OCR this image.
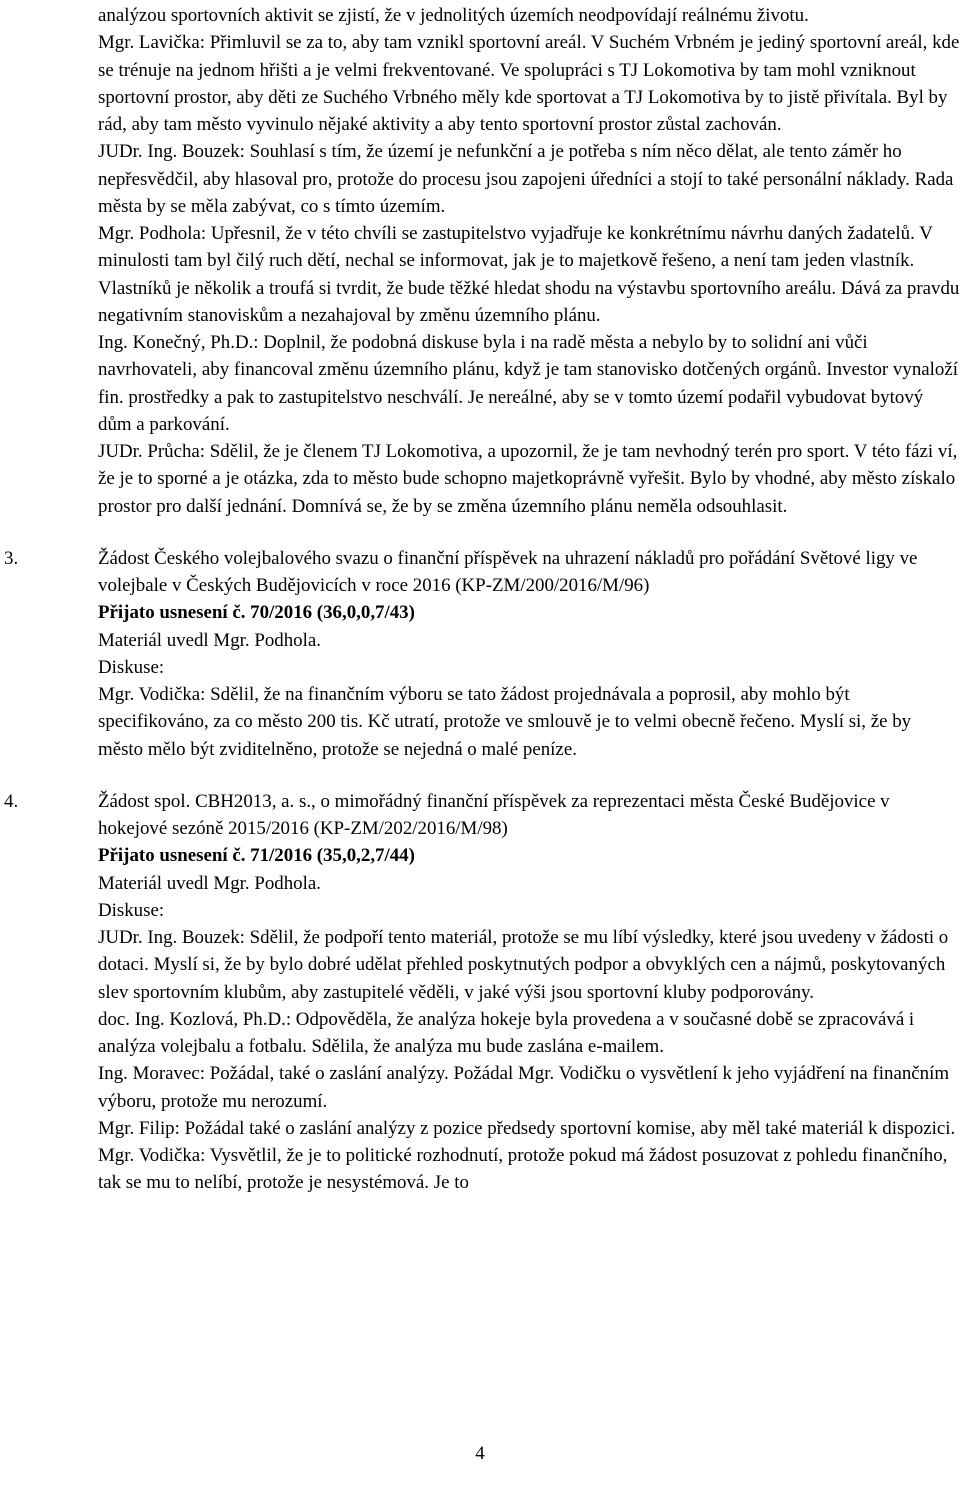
analýzou sportovních aktivit se zjistí, že v jednolitých územích neodpovídají reálnému životu.

Mgr. Lavička: Přimluvil se za to, aby tam vznikl sportovní areál. V Suchém Vrbném je jediný sportovní areál, kde se trénuje na jednom hřišti a je velmi frekventované. Ve spolupráci s TJ Lokomotiva by tam mohl vzniknout sportovní prostor, aby děti ze Suchého Vrbného měly kde sportovat a TJ Lokomotiva by to jistě přivítala. Byl by rád, aby tam město vyvinulo nějaké aktivity a aby tento sportovní prostor zůstal zachován.

JUDr. Ing. Bouzek: Souhlasí s tím, že území je nefunkční a je potřeba s ním něco dělat, ale tento záměr ho nepřesvědčil, aby hlasoval pro, protože do procesu jsou zapojeni úředníci a stojí to také personální náklady. Rada města by se měla zabývat, co s tímto územím.

Mgr. Podhola: Upřesnil, že v této chvíli se zastupitelstvo vyjadřuje ke konkrétnímu návrhu daných žadatelů. V minulosti tam byl čilý ruch dětí, nechal se informovat, jak je to majetkově řešeno, a není tam jeden vlastník. Vlastníků je několik a troufá si tvrdit, že bude těžké hledat shodu na výstavbu sportovního areálu. Dává za pravdu negativním stanoviskům a nezahajoval by změnu územního plánu.

Ing. Konečný, Ph.D.: Doplnil, že podobná diskuse byla i na radě města a nebylo by to solidní ani vůči navrhovateli, aby financoval změnu územního plánu, když je tam stanovisko dotčených orgánů. Investor vynaloží fin. prostředky a pak to zastupitelstvo neschválí. Je nereálné, aby se v tomto území podařil vybudovat bytový dům a parkování.

JUDr. Průcha: Sdělil, že je členem TJ Lokomotiva, a upozornil, že je tam nevhodný terén pro sport. V této fázi ví, že je to sporné a je otázka, zda to město bude schopno majetkoprávně vyřešit. Bylo by vhodné, aby město získalo prostor pro další jednání. Domnívá se, že by se změna územního plánu neměla odsouhlasit.

3.	Žádost Českého volejbalového svazu o finanční příspěvek na uhrazení nákladů pro pořádání Světové ligy ve volejbale v Českých Budějovicích v roce 2016 (KP-ZM/200/2016/M/96)

Přijato usnesení č. 70/2016 (36,0,0,7/43)

Materiál uvedl Mgr. Podhola.

Diskuse:

Mgr. Vodička: Sdělil, že na finančním výboru se tato žádost projednávala a poprosil, aby mohlo být specifikováno, za co město 200 tis. Kč utratí, protože ve smlouvě je to velmi obecně řečeno. Myslí si, že by město mělo být zviditelněno, protože se nejedná o malé peníze.

4.	Žádost spol. CBH2013, a. s., o mimořádný finanční příspěvek za reprezentaci města České Budějovice v hokejové sezóně 2015/2016 (KP-ZM/202/2016/M/98)

Přijato usnesení č. 71/2016 (35,0,2,7/44)

Materiál uvedl Mgr. Podhola.

Diskuse:

JUDr. Ing. Bouzek: Sdělil, že podpoří tento materiál, protože se mu líbí výsledky, které jsou uvedeny v žádosti o dotaci. Myslí si, že by bylo dobré udělat přehled poskytnutých podpor a obvyklých cen a nájmů, poskytovaných slev sportovním klubům, aby zastupitelé věděli, v jaké výši jsou sportovní kluby podporovány.

doc. Ing. Kozlová, Ph.D.: Odpověděla, že analýza hokeje byla provedena a v současné době se zpracovává i analýza volejbalu a fotbalu. Sdělila, že analýza mu bude zaslána e-mailem.

Ing. Moravec: Požádal, také o zaslání analýzy. Požádal Mgr. Vodičku o vysvětlení k jeho vyjádření na finančním výboru, protože mu nerozumí.

Mgr. Filip: Požádal také o zaslání analýzy z pozice předsedy sportovní komise, aby měl také materiál k dispozici.

Mgr. Vodička: Vysvětlil, že je to politické rozhodnutí, protože pokud má žádost posuzovat z pohledu finančního, tak se mu to nelíbí, protože je nesystémová. Je to

4
